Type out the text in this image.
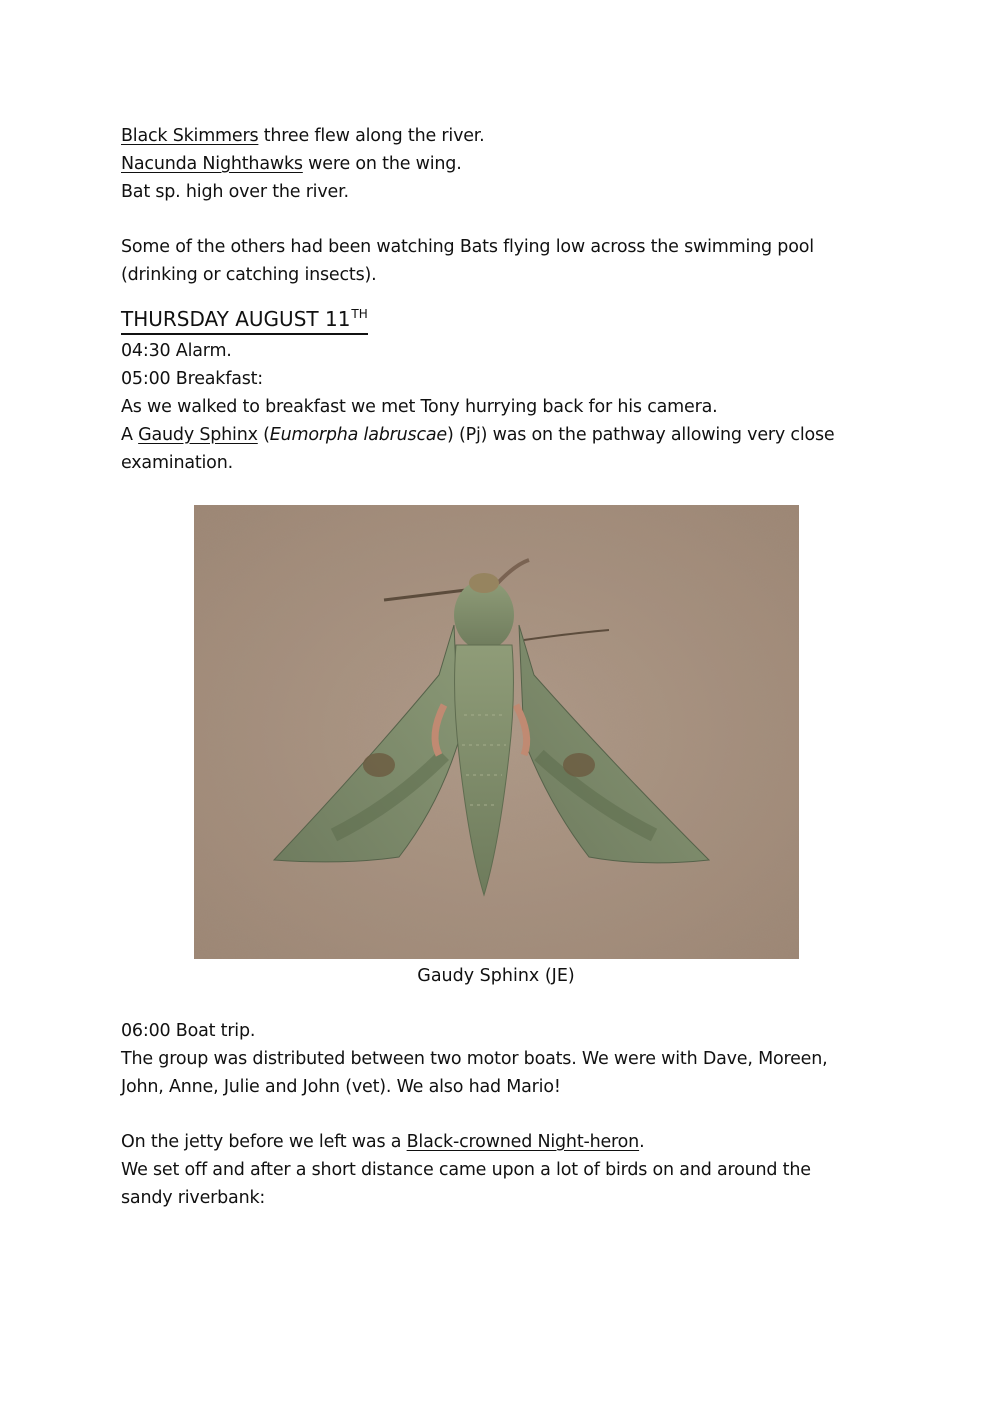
Black Skimmers three flew along the river.
Nacunda Nighthawks were on the wing.
Bat sp. high over the river.
Some of the others had been watching Bats flying low across the swimming pool
(drinking or catching insects).
THURSDAY AUGUST 11TH
04:30 Alarm.
05:00 Breakfast:
As we walked to breakfast we met Tony hurrying back for his camera.
A Gaudy Sphinx (Eumorpha labruscae) (Pj) was on the pathway allowing very close
examination.
Gaudy Sphinx (JE)
06:00 Boat trip.
The group was distributed between two motor boats. We were with Dave, Moreen,
John, Anne, Julie and John (vet). We also had Mario!
On the jetty before we left was a Black-crowned Night-heron.
We set off and after a short distance came upon a lot of birds on and around the
sandy riverbank:
